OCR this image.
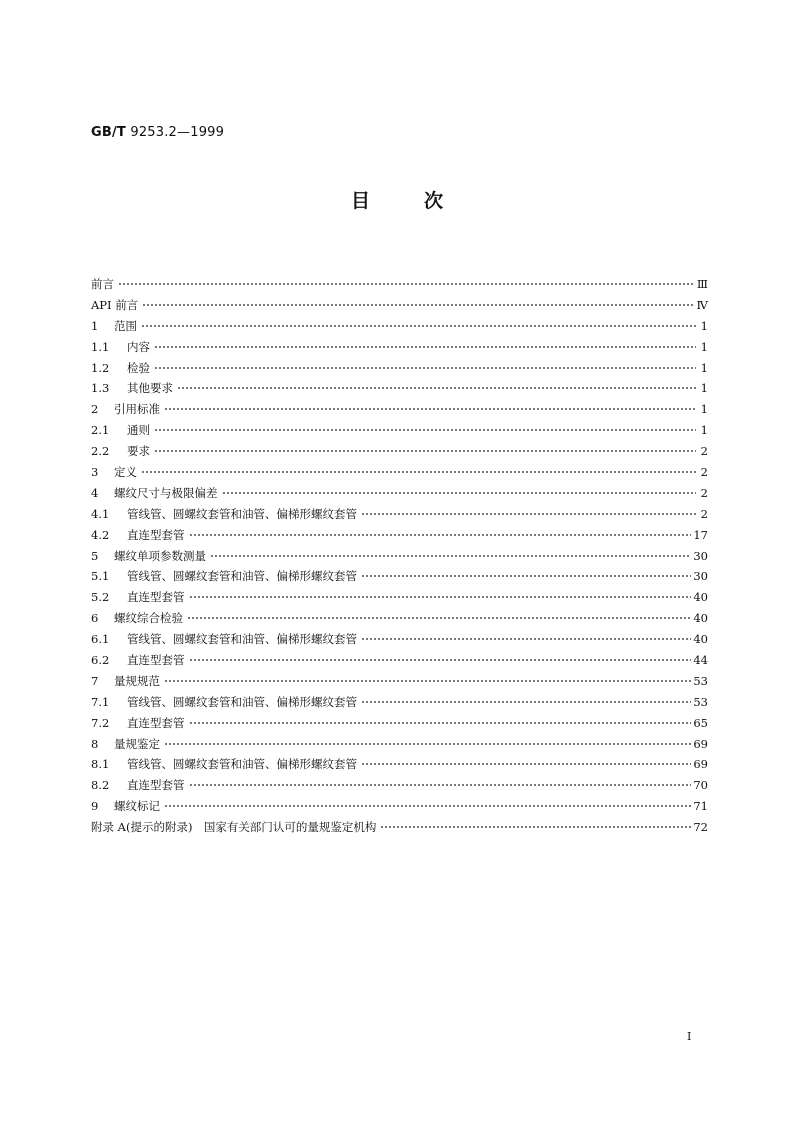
GB/T 9253.2—1999
目次
前言	Ⅲ
API 前言	Ⅳ
1	范围	1
1.1	内容	1
1.2	检验	1
1.3	其他要求	1
2	引用标准	1
2.1	通则	1
2.2	要求	2
3	定义	2
4	螺纹尺寸与极限偏差	2
4.1	管线管、圆螺纹套管和油管、偏梯形螺纹套管	2
4.2	直连型套管	17
5	螺纹单项参数测量	30
5.1	管线管、圆螺纹套管和油管、偏梯形螺纹套管	30
5.2	直连型套管	40
6	螺纹综合检验	40
6.1	管线管、圆螺纹套管和油管、偏梯形螺纹套管	40
6.2	直连型套管	44
7	量规规范	53
7.1	管线管、圆螺纹套管和油管、偏梯形螺纹套管	53
7.2	直连型套管	65
8	量规鉴定	69
8.1	管线管、圆螺纹套管和油管、偏梯形螺纹套管	69
8.2	直连型套管	70
9	螺纹标记	71
附录 A(提示的附录)　国家有关部门认可的量规鉴定机构	72
I
